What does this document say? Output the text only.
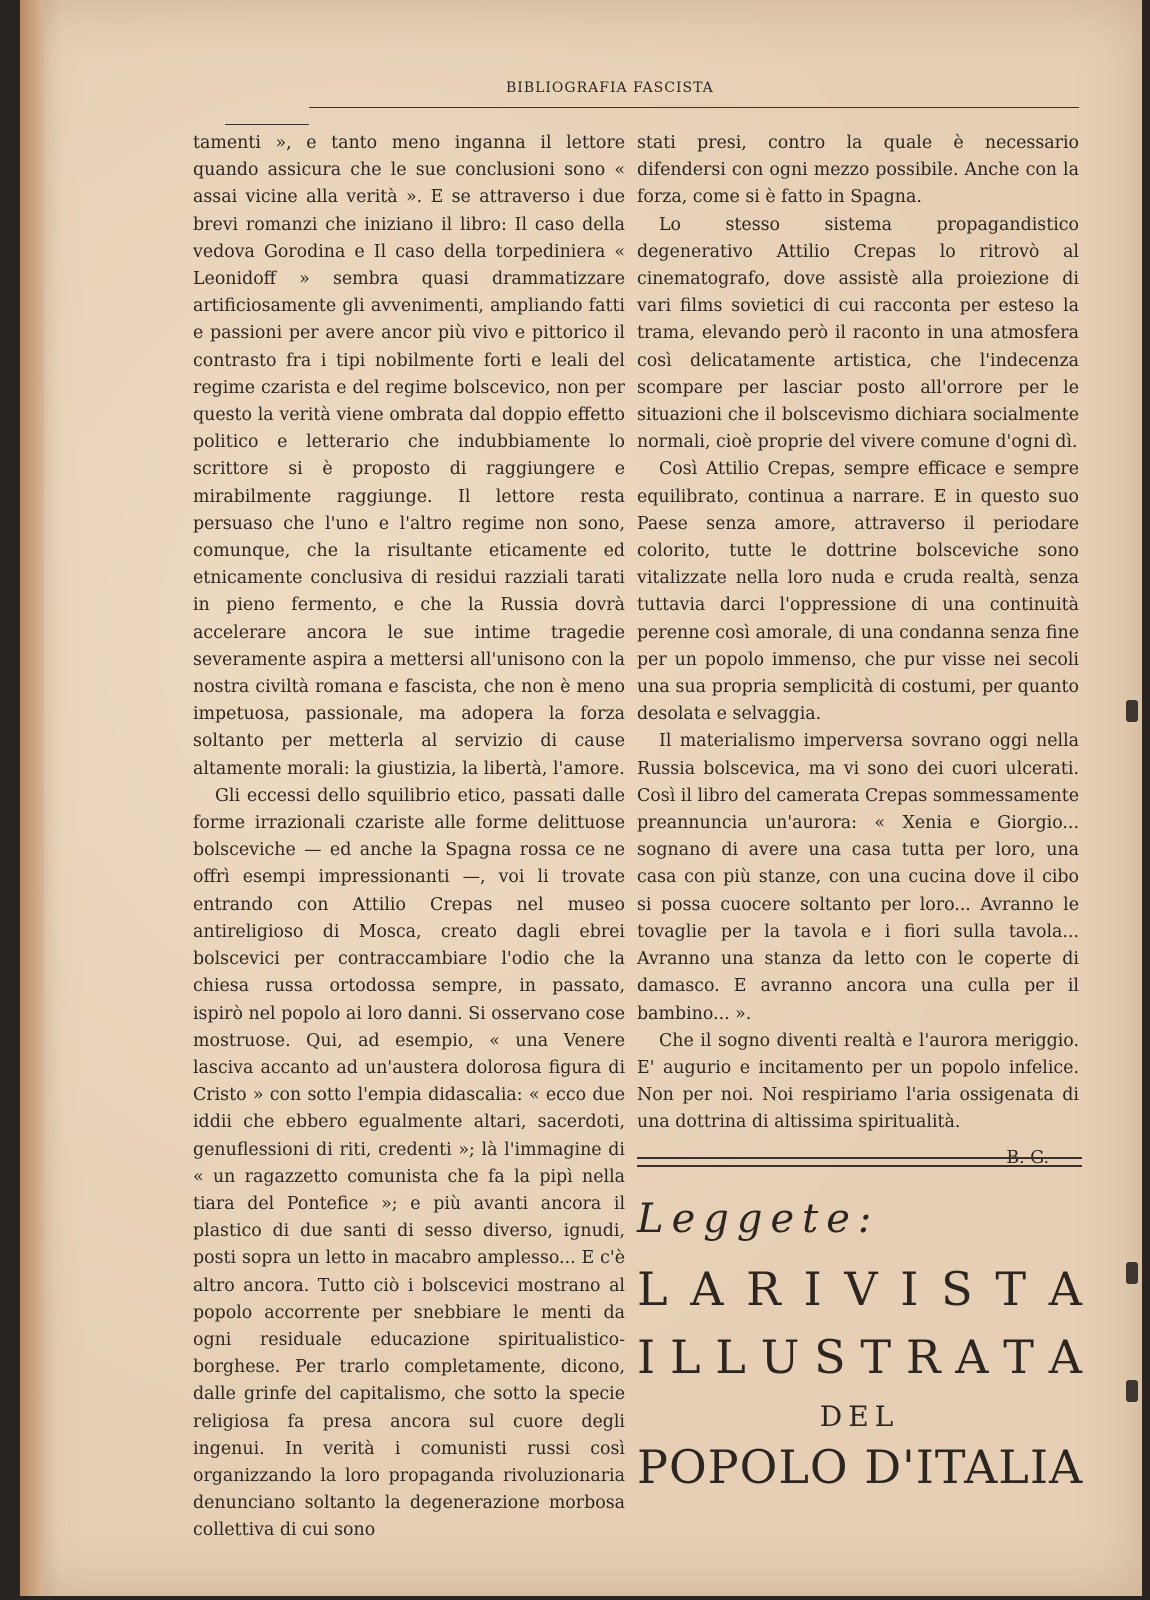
BIBLIOGRAFIA FASCISTA

tamenti », e tanto meno inganna il lettore quando assicura che le sue conclusioni sono « assai vicine alla verità ». E se attraverso i due brevi romanzi che iniziano il libro: Il caso della vedova Gorodina e Il caso della torpediniera « Leonidoff » sembra quasi drammatizzare artificiosamente gli avvenimenti, ampliando fatti e passioni per avere ancor più vivo e pittorico il contrasto fra i tipi nobilmente forti e leali del regime czarista e del regime bolscevico, non per questo la verità viene ombrata dal doppio effetto politico e letterario che indubbiamente lo scrittore si è proposto di raggiungere e mirabilmente raggiunge. Il lettore resta persuaso che l'uno e l'altro regime non sono, comunque, che la risultante eticamente ed etnicamente conclusiva di residui razziali tarati in pieno fermento, e che la Russia dovrà accelerare ancora le sue intime tragedie severamente aspira a mettersi all'unisono con la nostra civiltà romana e fascista, che non è meno impetuosa, passionale, ma adopera la forza soltanto per metterla al servizio di cause altamente morali: la giustizia, la libertà, l'amore.

Gli eccessi dello squilibrio etico, passati dalle forme irrazionali czariste alle forme delittuose bolsceviche — ed anche la Spagna rossa ce ne offrì esempi impressionanti —, voi li trovate entrando con Attilio Crepas nel museo antireligioso di Mosca, creato dagli ebrei bolscevici per contraccambiare l'odio che la chiesa russa ortodossa sempre, in passato, ispirò nel popolo ai loro danni. Si osservano cose mostruose. Qui, ad esempio, « una Venere lasciva accanto ad un'austera dolorosa figura di Cristo » con sotto l'empia didascalia: « ecco due iddii che ebbero egualmente altari, sacerdoti, genuflessioni di riti, credenti »; là l'immagine di « un ragazzetto comunista che fa la pipì nella tiara del Pontefice »; e più avanti ancora il plastico di due santi di sesso diverso, ignudi, posti sopra un letto in macabro amplesso... E c'è altro ancora. Tutto ciò i bolscevici mostrano al popolo accorrente per snebbiare le menti da ogni residuale educazione spiritualistico-borghese. Per trarlo completamente, dicono, dalle grinfe del capitalismo, che sotto la specie religiosa fa presa ancora sul cuore degli ingenui. In verità i comunisti russi così organizzando la loro propaganda rivoluzionaria denunciano soltanto la degenerazione morbosa collettiva di cui sono

stati presi, contro la quale è necessario difendersi con ogni mezzo possibile. Anche con la forza, come si è fatto in Spagna.

Lo stesso sistema propagandistico degenerativo Attilio Crepas lo ritrovò al cinematografo, dove assistè alla proiezione di vari films sovietici di cui racconta per esteso la trama, elevando però il raconto in una atmosfera così delicatamente artistica, che l'indecenza scompare per lasciar posto all'orrore per le situazioni che il bolscevismo dichiara socialmente normali, cioè proprie del vivere comune d'ogni dì.

Così Attilio Crepas, sempre efficace e sempre equilibrato, continua a narrare. E in questo suo Paese senza amore, attraverso il periodare colorito, tutte le dottrine bolsceviche sono vitalizzate nella loro nuda e cruda realtà, senza tuttavia darci l'oppressione di una continuità perenne così amorale, di una condanna senza fine per un popolo immenso, che pur visse nei secoli una sua propria semplicità di costumi, per quanto desolata e selvaggia.

Il materialismo imperversa sovrano oggi nella Russia bolscevica, ma vi sono dei cuori ulcerati. Così il libro del camerata Crepas sommessamente preannuncia un'aurora: « Xenia e Giorgio... sognano di avere una casa tutta per loro, una casa con più stanze, con una cucina dove il cibo si possa cuocere soltanto per loro... Avranno le tovaglie per la tavola e i fiori sulla tavola... Avranno una stanza da letto con le coperte di damasco. E avranno ancora una culla per il bambino... ».

Che il sogno diventi realtà e l'aurora meriggio. E' augurio e incitamento per un popolo infelice. Non per noi. Noi respiriamo l'aria ossigenata di una dottrina di altissima spiritualità.

B. G.

Leggete:
L A R I V I S T A
I L L U S T R A T A
DEL
POPOLO D'ITALIA
